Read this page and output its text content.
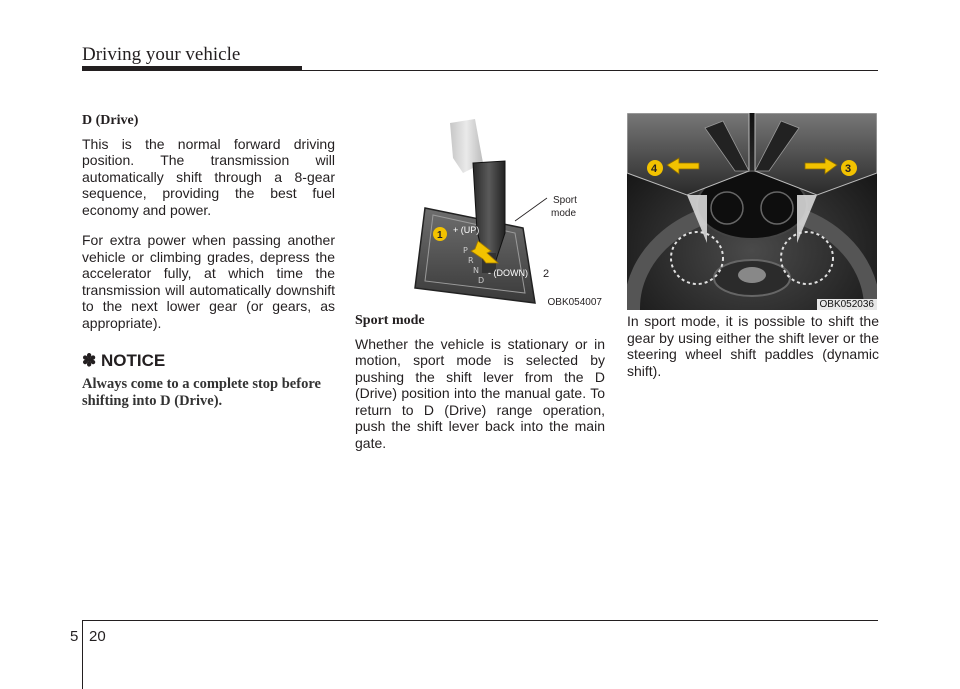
Driving your vehicle
D (Drive)

This is the normal forward driving position. The transmission will automatically shift through a 8-gear sequence, providing the best fuel economy and power.

For extra power when passing another vehicle or climbing grades, depress the accelerator fully, at which time the transmission will automatically downshift to the next lower gear (or gears, as appropriate).

✽ NOTICE
Always come to a complete stop before shifting into D (Drive).
P
R
N
D
Sport
mode
1 + (UP)
- (DOWN) 2
OBK054007
Sport mode

Whether the vehicle is stationary or in motion, sport mode is selected by pushing the shift lever from the D (Drive) position into the manual gate. To return to D (Drive) range operation, push the shift lever back into the main gate.

4	3
OBK052036

In sport mode, it is possible to shift the gear by using either the shift lever or the steering wheel shift paddles (dynamic shift).

5 20
